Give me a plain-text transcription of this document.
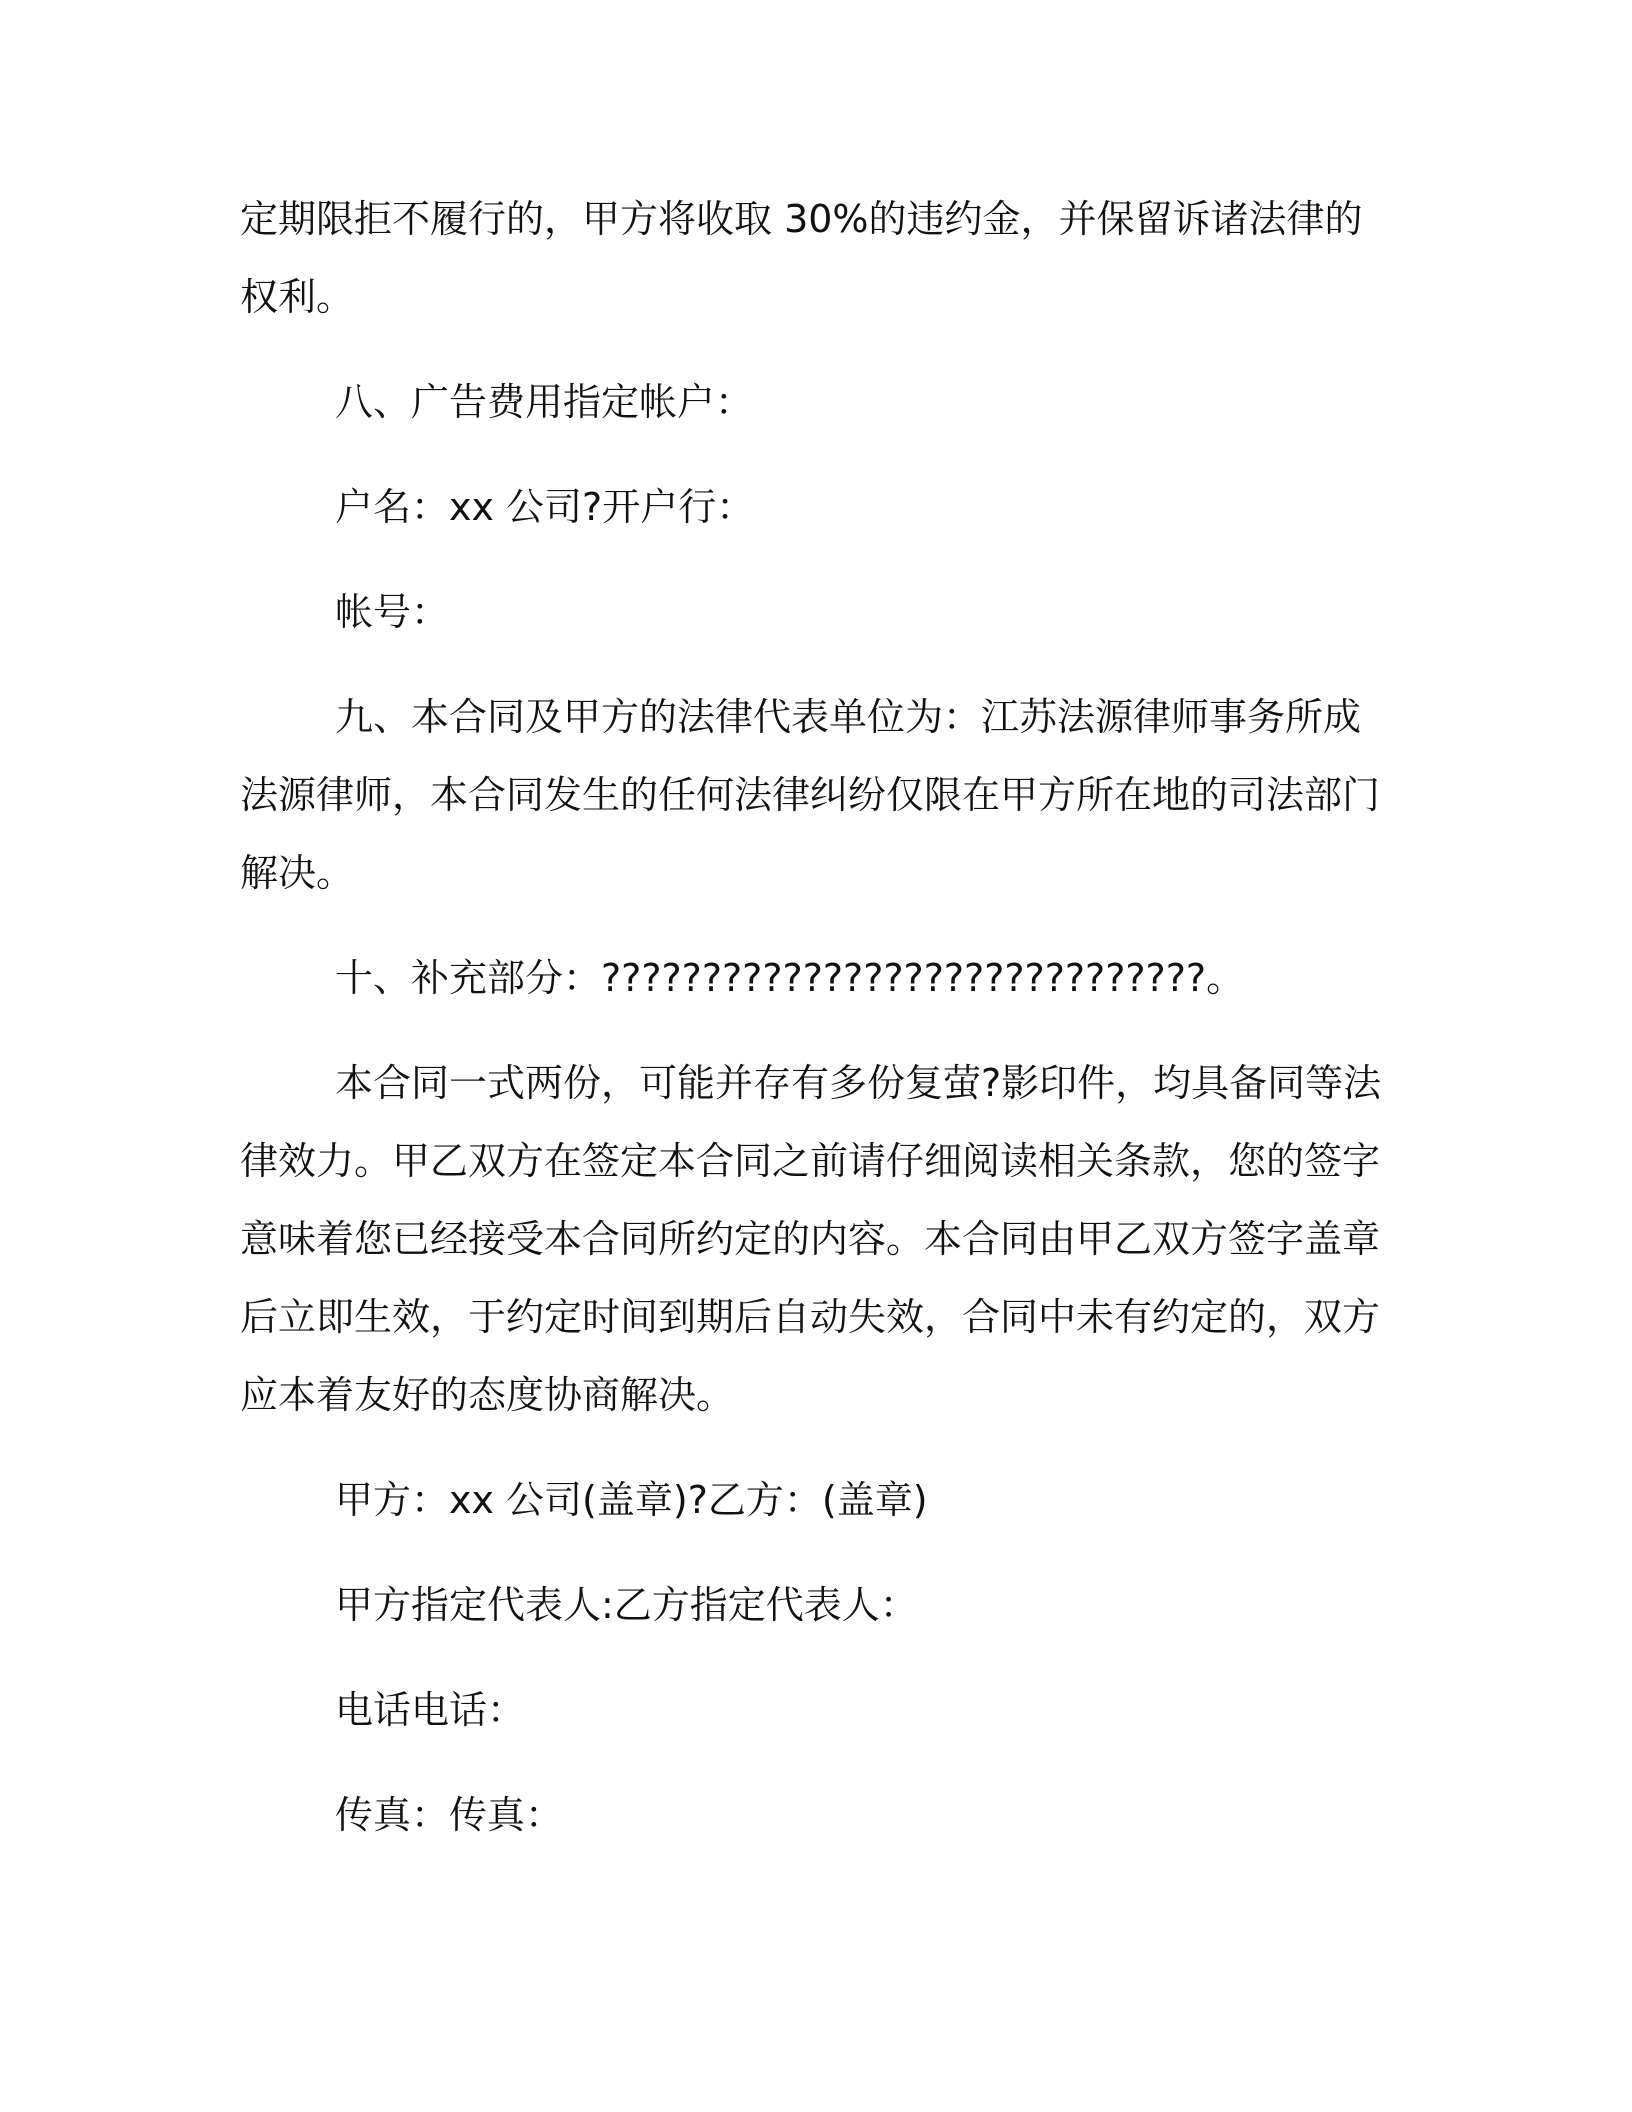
定期限拒不履行的，甲方将收取 30%的违约金，并保留诉诸法律的权利。

八、广告费用指定帐户：

户名：xx 公司?开户行：

帐号：

九、本合同及甲方的法律代表单位为：江苏法源律师事务所成法源律师，本合同发生的任何法律纠纷仅限在甲方所在地的司法部门解决。

十、补充部分：??????????????????????????????。

本合同一式两份，可能并存有多份复萤?影印件，均具备同等法律效力。甲乙双方在签定本合同之前请仔细阅读相关条款，您的签字意味着您已经接受本合同所约定的内容。本合同由甲乙双方签字盖章后立即生效，于约定时间到期后自动失效，合同中未有约定的，双方应本着友好的态度协商解决。

甲方：xx 公司(盖章)?乙方：(盖章)

甲方指定代表人:乙方指定代表人：

电话电话：

传真：传真：
